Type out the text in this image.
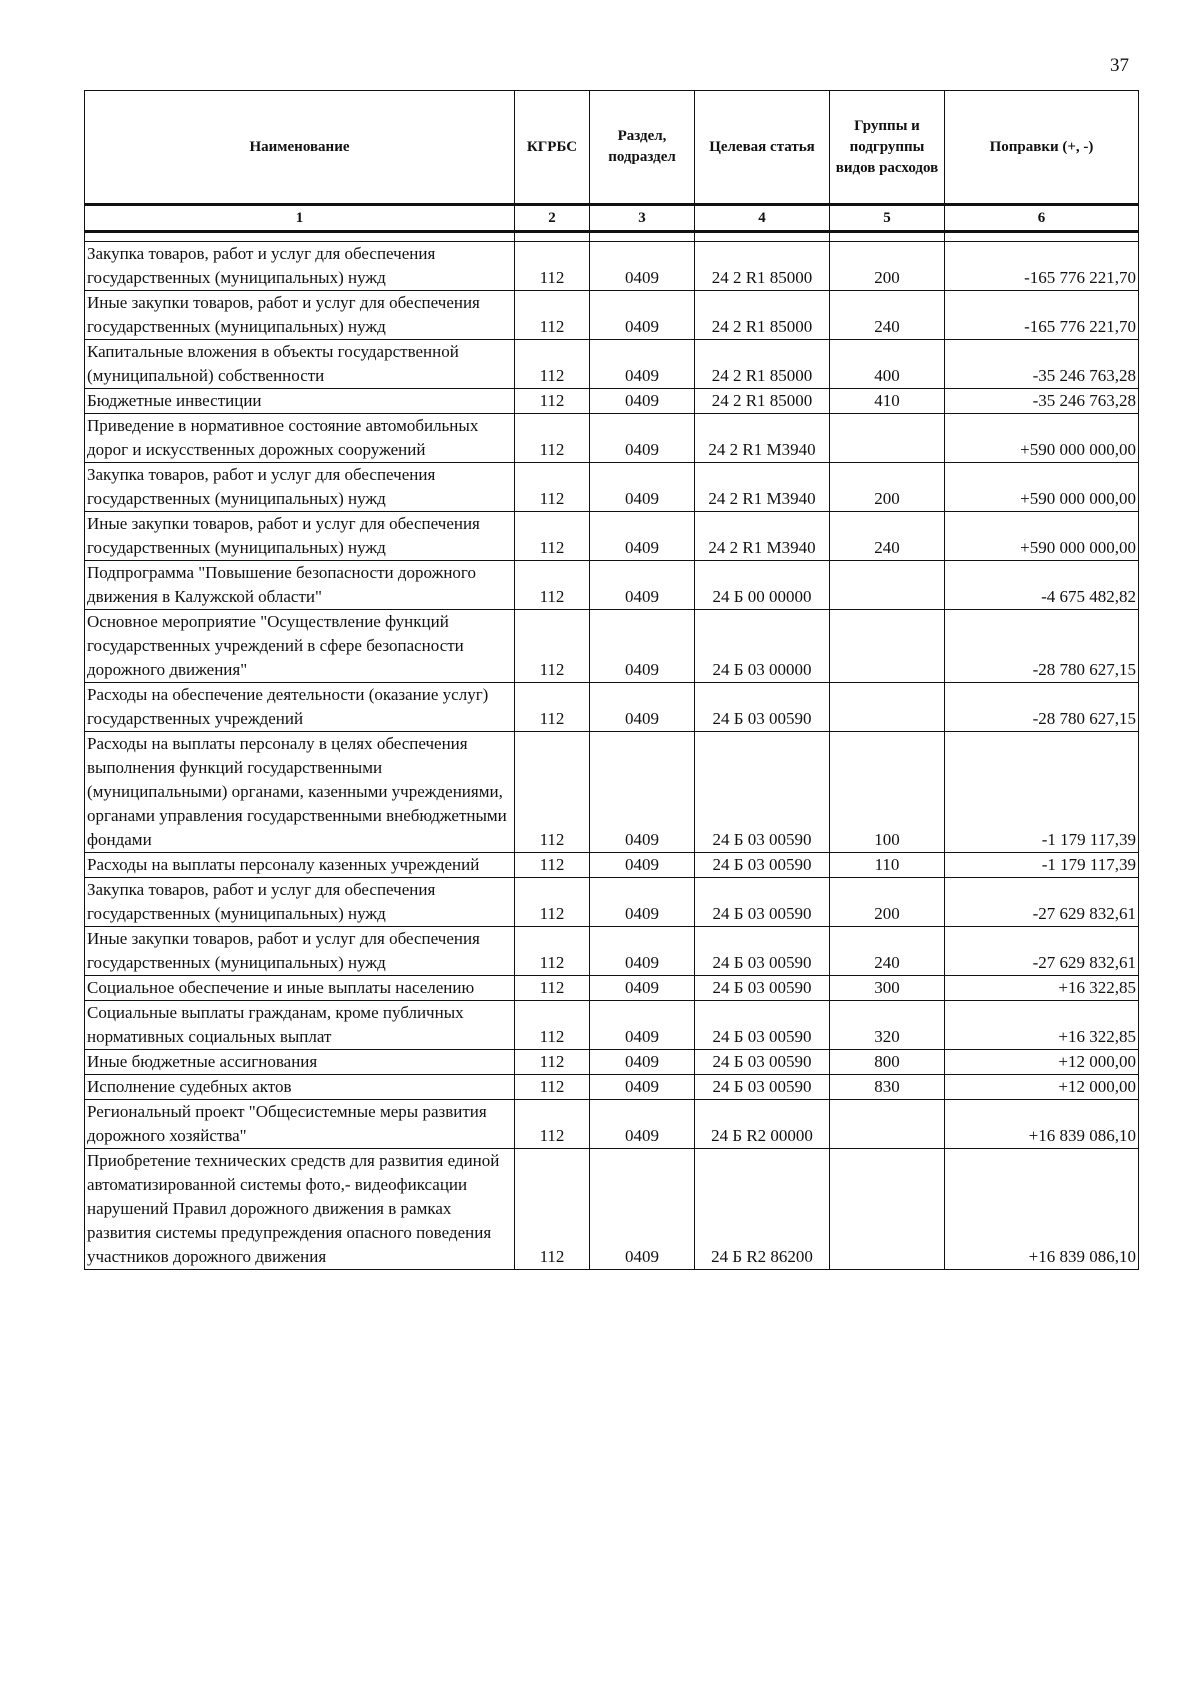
37
Наименование	КГРБС	Раздел, подраздел	Целевая статья	Группы и подгруппы видов расходов	Поправки (+, -)
1	2	3	4	5	6

Закупка товаров, работ и услуг для обеспечения государственных (муниципальных) нужд	112	0409	24 2 R1 85000	200	-165 776 221,70
Иные закупки товаров, работ и услуг для обеспечения государственных (муниципальных) нужд	112	0409	24 2 R1 85000	240	-165 776 221,70
Капитальные вложения в объекты государственной (муниципальной) собственности	112	0409	24 2 R1 85000	400	-35 246 763,28
Бюджетные инвестиции	112	0409	24 2 R1 85000	410	-35 246 763,28
Приведение в нормативное состояние автомобильных дорог и искусственных дорожных сооружений	112	0409	24 2 R1 M3940		+590 000 000,00
Закупка товаров, работ и услуг для обеспечения государственных (муниципальных) нужд	112	0409	24 2 R1 M3940	200	+590 000 000,00
Иные закупки товаров, работ и услуг для обеспечения государственных (муниципальных) нужд	112	0409	24 2 R1 M3940	240	+590 000 000,00
Подпрограмма "Повышение безопасности дорожного движения в Калужской области"	112	0409	24 Б 00 00000		-4 675 482,82
Основное мероприятие "Осуществление функций государственных учреждений в сфере безопасности дорожного движения"	112	0409	24 Б 03 00000		-28 780 627,15
Расходы на обеспечение деятельности (оказание услуг) государственных учреждений	112	0409	24 Б 03 00590		-28 780 627,15
Расходы на выплаты персоналу в целях обеспечения выполнения функций государственными (муниципальными) органами, казенными учреждениями, органами управления государственными внебюджетными фондами	112	0409	24 Б 03 00590	100	-1 179 117,39
Расходы на выплаты персоналу казенных учреждений	112	0409	24 Б 03 00590	110	-1 179 117,39
Закупка товаров, работ и услуг для обеспечения государственных (муниципальных) нужд	112	0409	24 Б 03 00590	200	-27 629 832,61
Иные закупки товаров, работ и услуг для обеспечения государственных (муниципальных) нужд	112	0409	24 Б 03 00590	240	-27 629 832,61
Социальное обеспечение и иные выплаты населению	112	0409	24 Б 03 00590	300	+16 322,85
Социальные выплаты гражданам, кроме публичных нормативных социальных выплат	112	0409	24 Б 03 00590	320	+16 322,85
Иные бюджетные ассигнования	112	0409	24 Б 03 00590	800	+12 000,00
Исполнение судебных актов	112	0409	24 Б 03 00590	830	+12 000,00
Региональный проект "Общесистемные меры развития дорожного хозяйства"	112	0409	24 Б R2 00000		+16 839 086,10
Приобретение технических средств для развития единой автоматизированной системы фото,- видеофиксации нарушений Правил дорожного движения в рамках развития системы предупреждения опасного поведения участников дорожного движения	112	0409	24 Б R2 86200		+16 839 086,10
